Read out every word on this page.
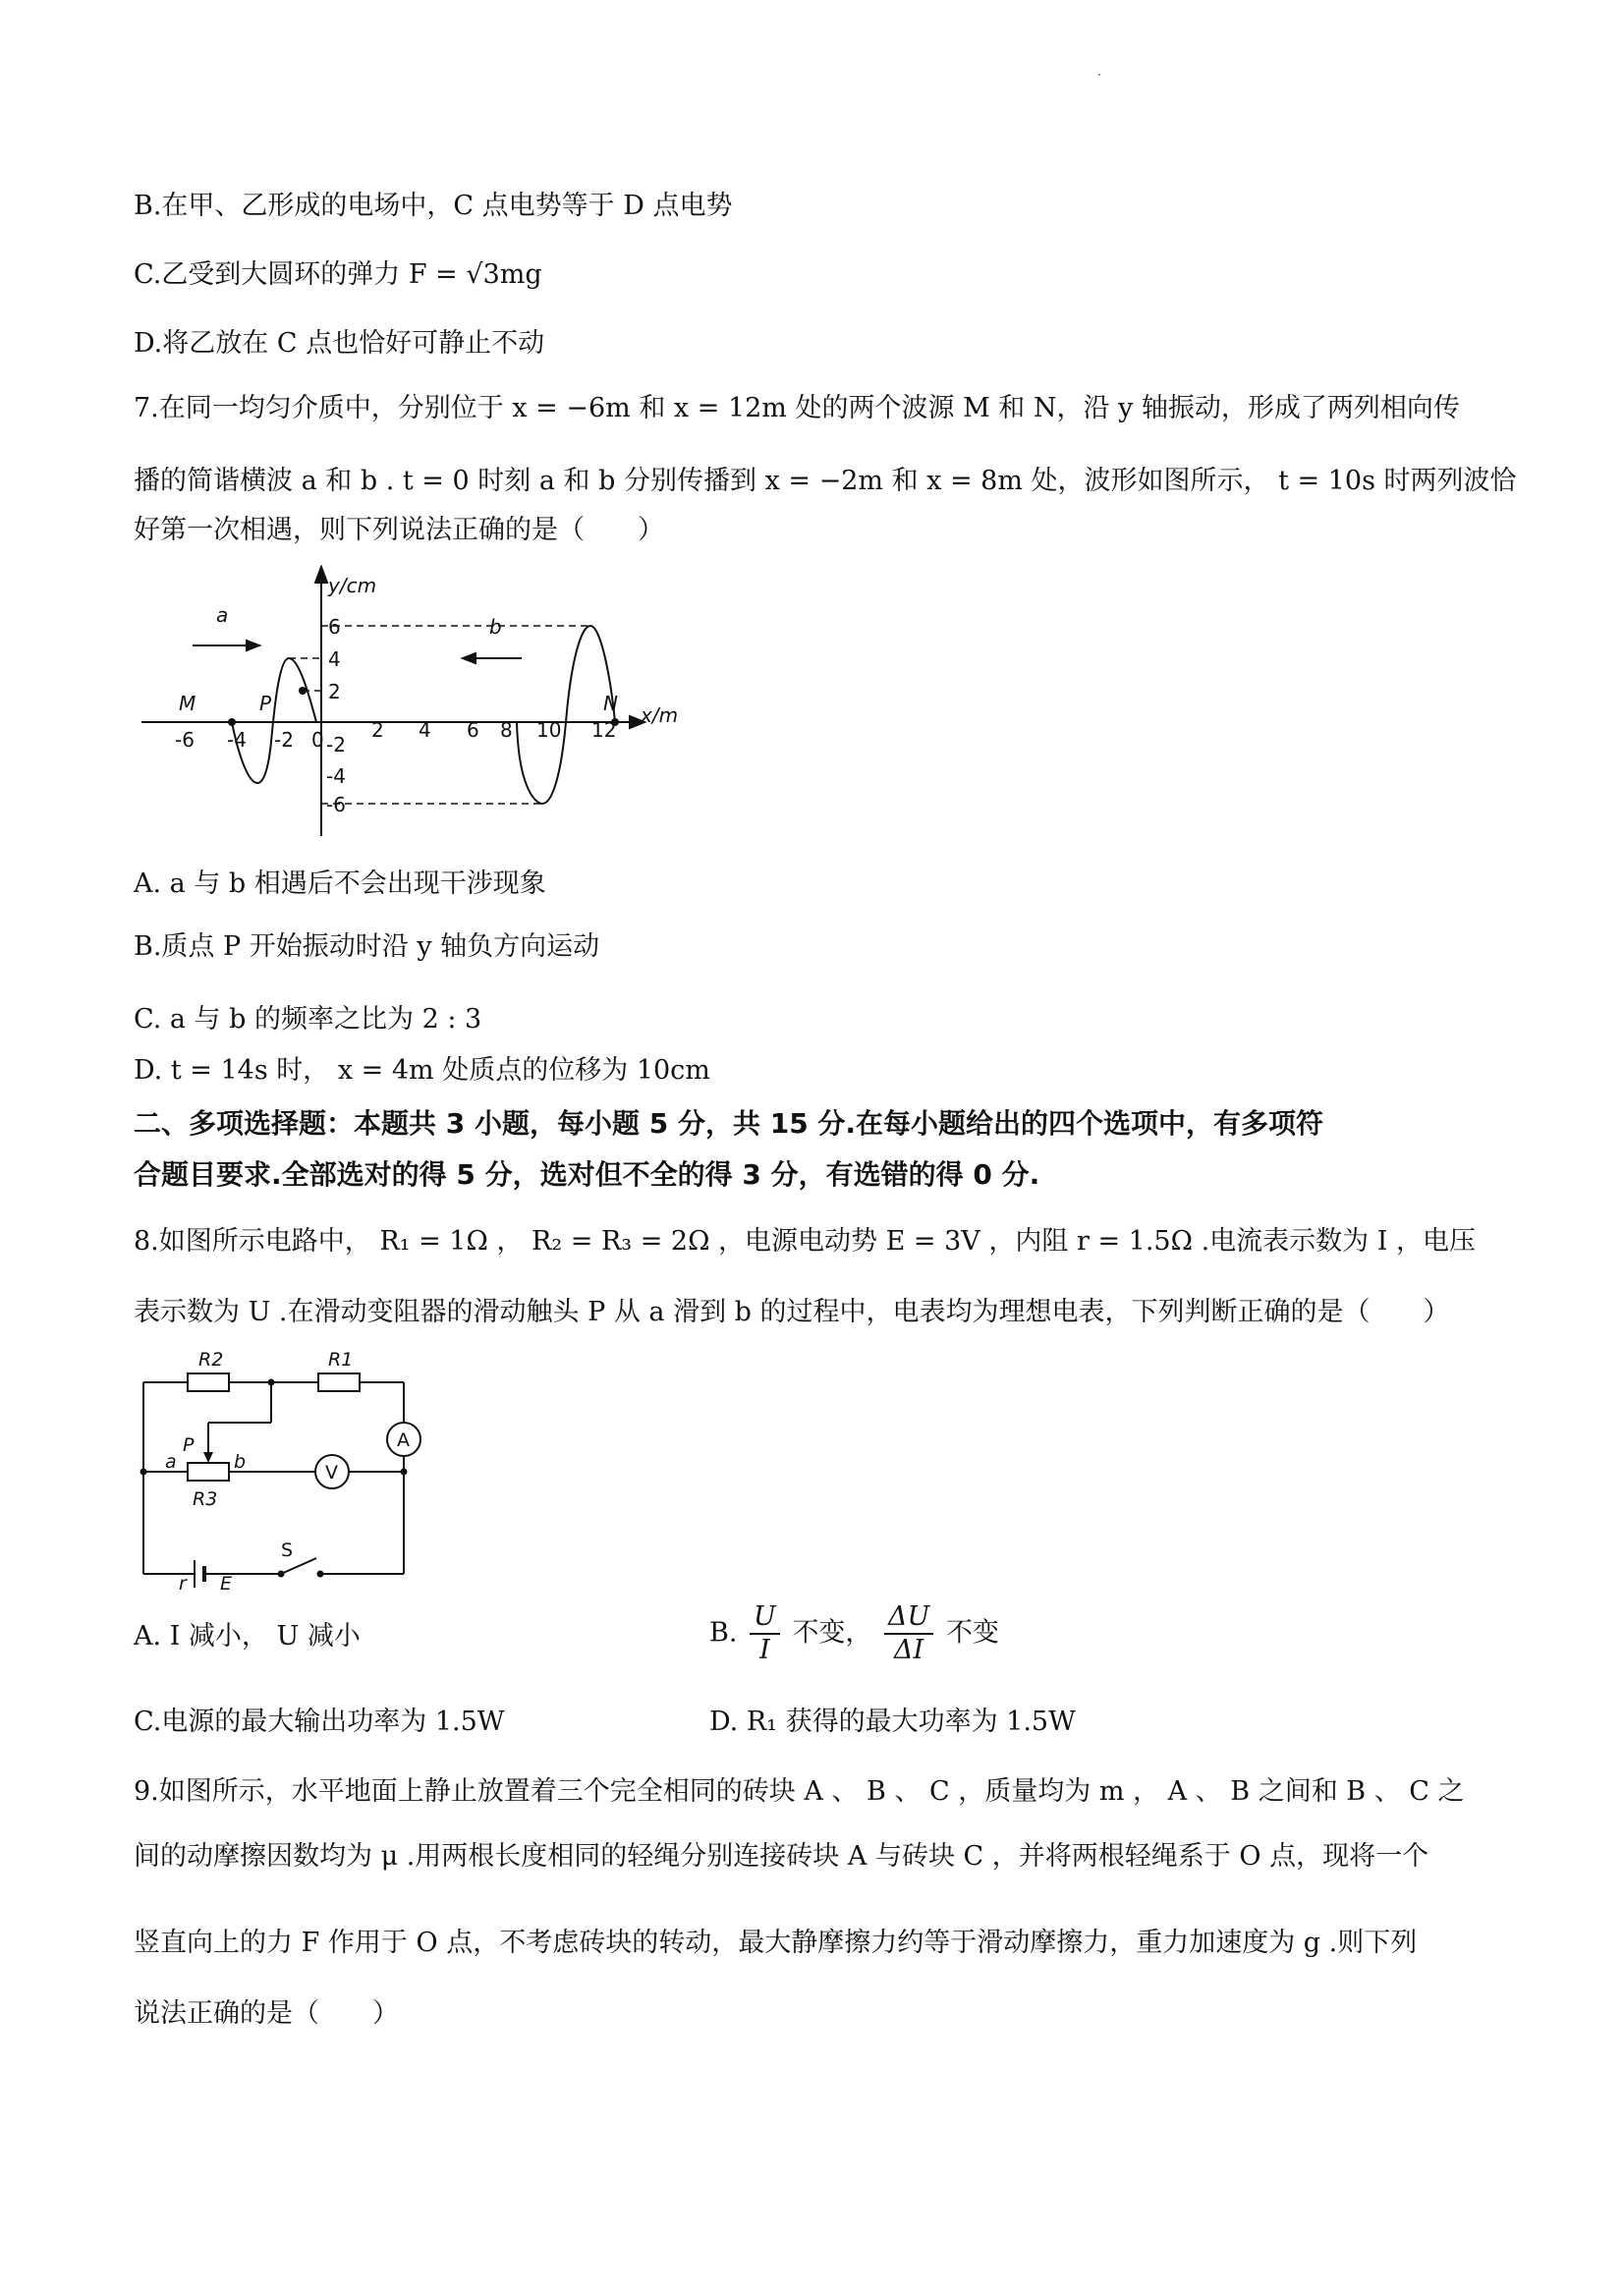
B.在甲、乙形成的电场中，C 点电势等于 D 点电势
C.乙受到大圆环的弹力 F = √3mg
D.将乙放在 C 点也恰好可静止不动
7.在同一均匀介质中，分别位于 x = −6m 和 x = 12m 处的两个波源 M 和 N，沿 y 轴振动，形成了两列相向传
播的简谐横波 a 和 b . t = 0 时刻 a 和 b 分别传播到 x = −2m 和 x = 8m 处，波形如图所示， t = 10s 时两列波恰
好第一次相遇，则下列说法正确的是（　　）
y/cm
x/m
a	b
M	P	N
-6 -4 -2 0 2 4 6 8 10 12
6
4
2
-2
-4
-6
A. a 与 b 相遇后不会出现干涉现象
B.质点 P 开始振动时沿 y 轴负方向运动
C. a 与 b 的频率之比为 2 : 3
D. t = 14s 时， x = 4m 处质点的位移为 10cm
二、多项选择题：本题共 3 小题，每小题 5 分，共 15 分.在每小题给出的四个选项中，有多项符
合题目要求.全部选对的得 5 分，选对但不全的得 3 分，有选错的得 0 分.
8.如图所示电路中， R₁ = 1Ω ， R₂ = R₃ = 2Ω ，电源电动势 E = 3V ，内阻 r = 1.5Ω .电流表示数为 I ，电压
表示数为 U .在滑动变阻器的滑动触头 P 从 a 滑到 b 的过程中，电表均为理想电表，下列判断正确的是（　　）
R2	R1
R3
a	b
P
r E
A
V
S
A. I 减小， U 减小	B. $\frac{U}{I}$ 不变， $\frac{\Delta U}{\Delta I}$ 不变
C.电源的最大输出功率为 1.5W	D. R₁ 获得的最大功率为 1.5W
9.如图所示，水平地面上静止放置着三个完全相同的砖块 A 、 B 、 C ，质量均为 m ， A 、 B 之间和 B 、 C 之
间的动摩擦因数均为 μ .用两根长度相同的轻绳分别连接砖块 A 与砖块 C ，并将两根轻绳系于 O 点，现将一个
竖直向上的力 F 作用于 O 点，不考虑砖块的转动，最大静摩擦力约等于滑动摩擦力，重力加速度为 g .则下列
说法正确的是（　　）
